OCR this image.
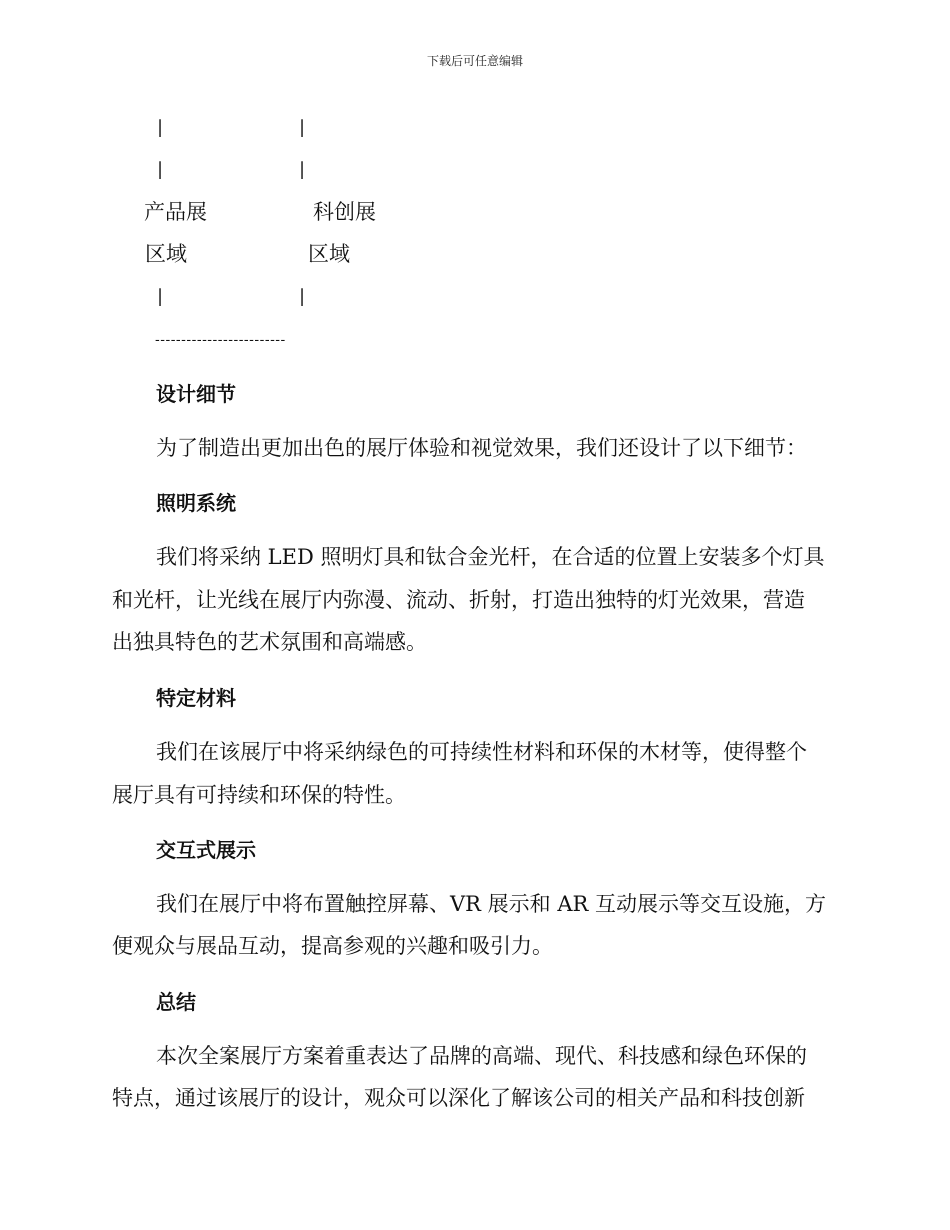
下载后可任意编辑
|	|
|	|
产品展	科创展
区域	区域
|	|
-------------------------
设计细节
为了制造出更加出色的展厅体验和视觉效果，我们还设计了以下细节：
照明系统
我们将采纳 LED 照明灯具和钛合金光杆，在合适的位置上安装多个灯具
和光杆，让光线在展厅内弥漫、流动、折射，打造出独特的灯光效果，营造
出独具特色的艺术氛围和高端感。
特定材料
我们在该展厅中将采纳绿色的可持续性材料和环保的木材等，使得整个
展厅具有可持续和环保的特性。
交互式展示
我们在展厅中将布置触控屏幕、VR 展示和 AR 互动展示等交互设施，方
便观众与展品互动，提高参观的兴趣和吸引力。
总结
本次全案展厅方案着重表达了品牌的高端、现代、科技感和绿色环保的
特点，通过该展厅的设计，观众可以深化了解该公司的相关产品和科技创新
